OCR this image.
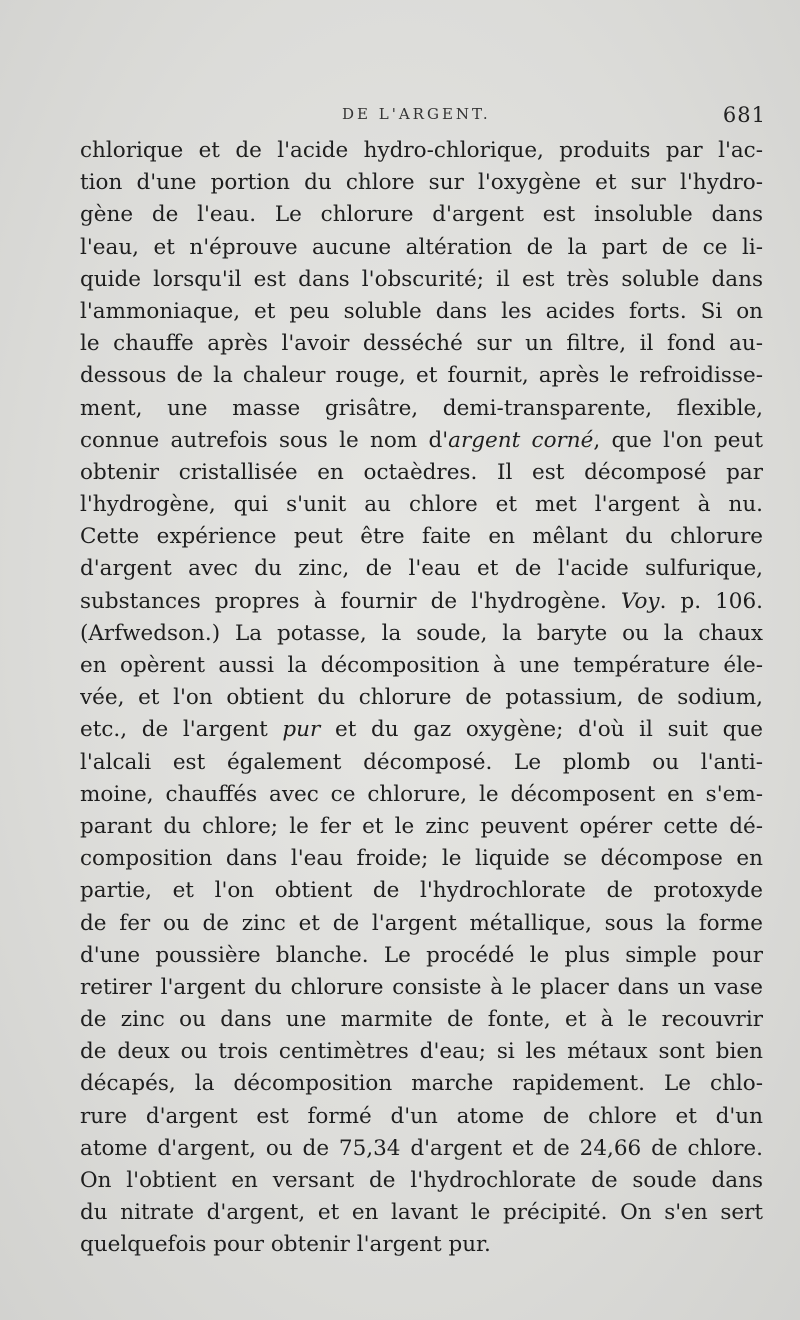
DE L'ARGENT.	681
chlorique et de l'acide hydro-chlorique, produits par l'ac-
tion d'une portion du chlore sur l'oxygène et sur l'hydro-
gène de l'eau. Le chlorure d'argent est insoluble dans
l'eau, et n'éprouve aucune altération de la part de ce li-
quide lorsqu'il est dans l'obscurité; il est très soluble dans
l'ammoniaque, et peu soluble dans les acides forts. Si on
le chauffe après l'avoir desséché sur un filtre, il fond au-
dessous de la chaleur rouge, et fournit, après le refroidisse-
ment, une masse grisâtre, demi-transparente, flexible,
connue autrefois sous le nom d'argent corné, que l'on peut
obtenir cristallisée en octaèdres. Il est décomposé par
l'hydrogène, qui s'unit au chlore et met l'argent à nu.
Cette expérience peut être faite en mêlant du chlorure
d'argent avec du zinc, de l'eau et de l'acide sulfurique,
substances propres à fournir de l'hydrogène. Voy. p. 106.
(Arfwedson.) La potasse, la soude, la baryte ou la chaux
en opèrent aussi la décomposition à une température éle-
vée, et l'on obtient du chlorure de potassium, de sodium,
etc., de l'argent pur et du gaz oxygène; d'où il suit que
l'alcali est également décomposé. Le plomb ou l'anti-
moine, chauffés avec ce chlorure, le décomposent en s'em-
parant du chlore; le fer et le zinc peuvent opérer cette dé-
composition dans l'eau froide; le liquide se décompose en
partie, et l'on obtient de l'hydrochlorate de protoxyde
de fer ou de zinc et de l'argent métallique, sous la forme
d'une poussière blanche. Le procédé le plus simple pour
retirer l'argent du chlorure consiste à le placer dans un vase
de zinc ou dans une marmite de fonte, et à le recouvrir
de deux ou trois centimètres d'eau; si les métaux sont bien
décapés, la décomposition marche rapidement. Le chlo-
rure d'argent est formé d'un atome de chlore et d'un
atome d'argent, ou de 75,34 d'argent et de 24,66 de chlore.
On l'obtient en versant de l'hydrochlorate de soude dans
du nitrate d'argent, et en lavant le précipité. On s'en sert
quelquefois pour obtenir l'argent pur.
